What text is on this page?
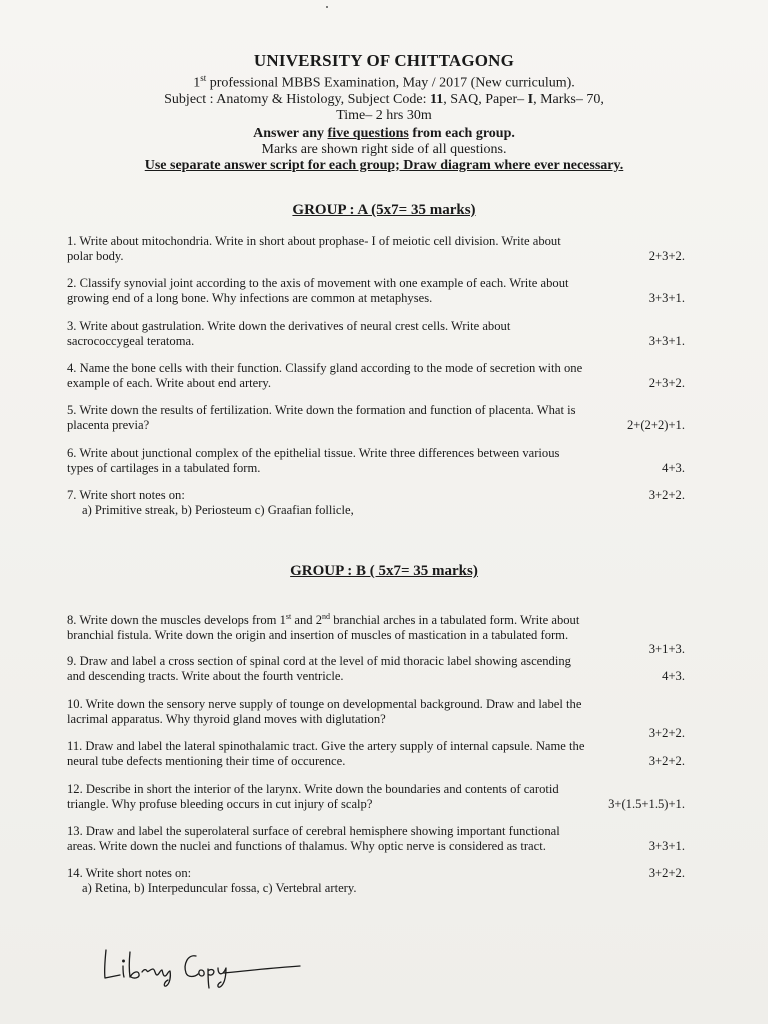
UNIVERSITY OF CHITTAGONG
1st professional MBBS Examination, May / 2017 (New curriculum).
Subject : Anatomy & Histology, Subject Code: 11, SAQ, Paper– I, Marks– 70,
Time– 2 hrs 30m
Answer any five questions from each group.
Marks are shown right side of all questions.
Use separate answer script for each group; Draw diagram where ever necessary.
GROUP : A (5x7= 35 marks)
1. Write about mitochondria. Write in short about prophase- I of meiotic cell division. Write about
2+3+2.
polar body.
2. Classify synovial joint according to the axis of movement with one example of each. Write about
3+3+1.
growing end of a long bone. Why infections are common at metaphyses.
3. Write about gastrulation. Write down the derivatives of neural crest cells. Write about
3+3+1.
sacrococcygeal teratoma.
4. Name the bone cells with their function. Classify gland according to the mode of secretion with one
2+3+2.
example of each. Write about end artery.
5. Write down the results of fertilization. Write down the formation and function of placenta. What is
2+(2+2)+1.
placenta previa?
6. Write about junctional complex of the epithelial tissue. Write three differences between various
4+3.
types of cartilages in a tabulated form.
3+2+2.
7. Write short notes on:
a) Primitive streak, b) Periosteum c) Graafian follicle,
GROUP : B ( 5x7= 35 marks)
8. Write down the muscles develops from 1st and 2nd branchial arches in a tabulated form. Write about
branchial fistula. Write down the origin and insertion of muscles of mastication in a tabulated form.
3+1+3.
9. Draw and label a cross section of spinal cord at the level of mid thoracic label showing ascending
4+3.
and descending tracts. Write about the fourth ventricle.
10. Write down the sensory nerve supply of tounge on developmental background. Draw and label the
lacrimal apparatus. Why thyroid gland moves with diglutation?
3+2+2.
11. Draw and label the lateral spinothalamic tract. Give the artery supply of internal capsule. Name the
3+2+2.
neural tube defects mentioning their time of occurence.
12. Describe in short the interior of the larynx. Write down the boundaries and contents of carotid
3+(1.5+1.5)+1.
triangle. Why profuse bleeding occurs in cut injury of scalp?
13. Draw and label the superolateral surface of cerebral hemisphere showing important functional
3+3+1.
areas. Write down the nuclei and functions of thalamus. Why optic nerve is considered as tract.
3+2+2.
14. Write short notes on:
a) Retina, b) Interpeduncular fossa, c) Vertebral artery.
